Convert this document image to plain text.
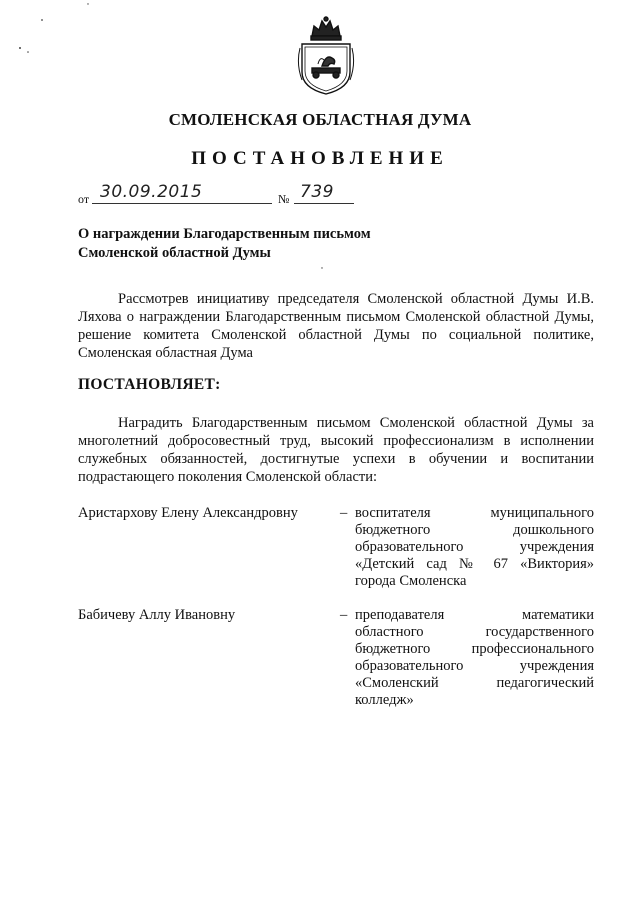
СМОЛЕНСКАЯ ОБЛАСТНАЯ ДУМА
ПОСТАНОВЛЕНИЕ
от 30.09.2015	№ 739
О награждении Благодарственным письмом
Смоленской областной Думы
Рассмотрев инициативу председателя Смоленской областной Думы И.В. Ляхова о награждении Благодарственным письмом Смоленской областной Думы, решение комитета Смоленской областной Думы по социальной политике, Смоленская областная Дума
ПОСТАНОВЛЯЕТ:
Наградить Благодарственным письмом Смоленской областной Думы за многолетний добросовестный труд, высокий профессионализм в исполнении служебных обязанностей, достигнутые успехи в обучении и воспитании подрастающего поколения Смоленской области:
Аристархову Елену Александровну	– воспитателя муниципального
бюджетного дошкольного
образовательного учреждения
«Детский сад № 67 «Виктория»
города Смоленска
Бабичеву Аллу Ивановну	– преподавателя математики
областного государственного
бюджетного профессионального
образовательного учреждения
«Смоленский педагогический
колледж»
